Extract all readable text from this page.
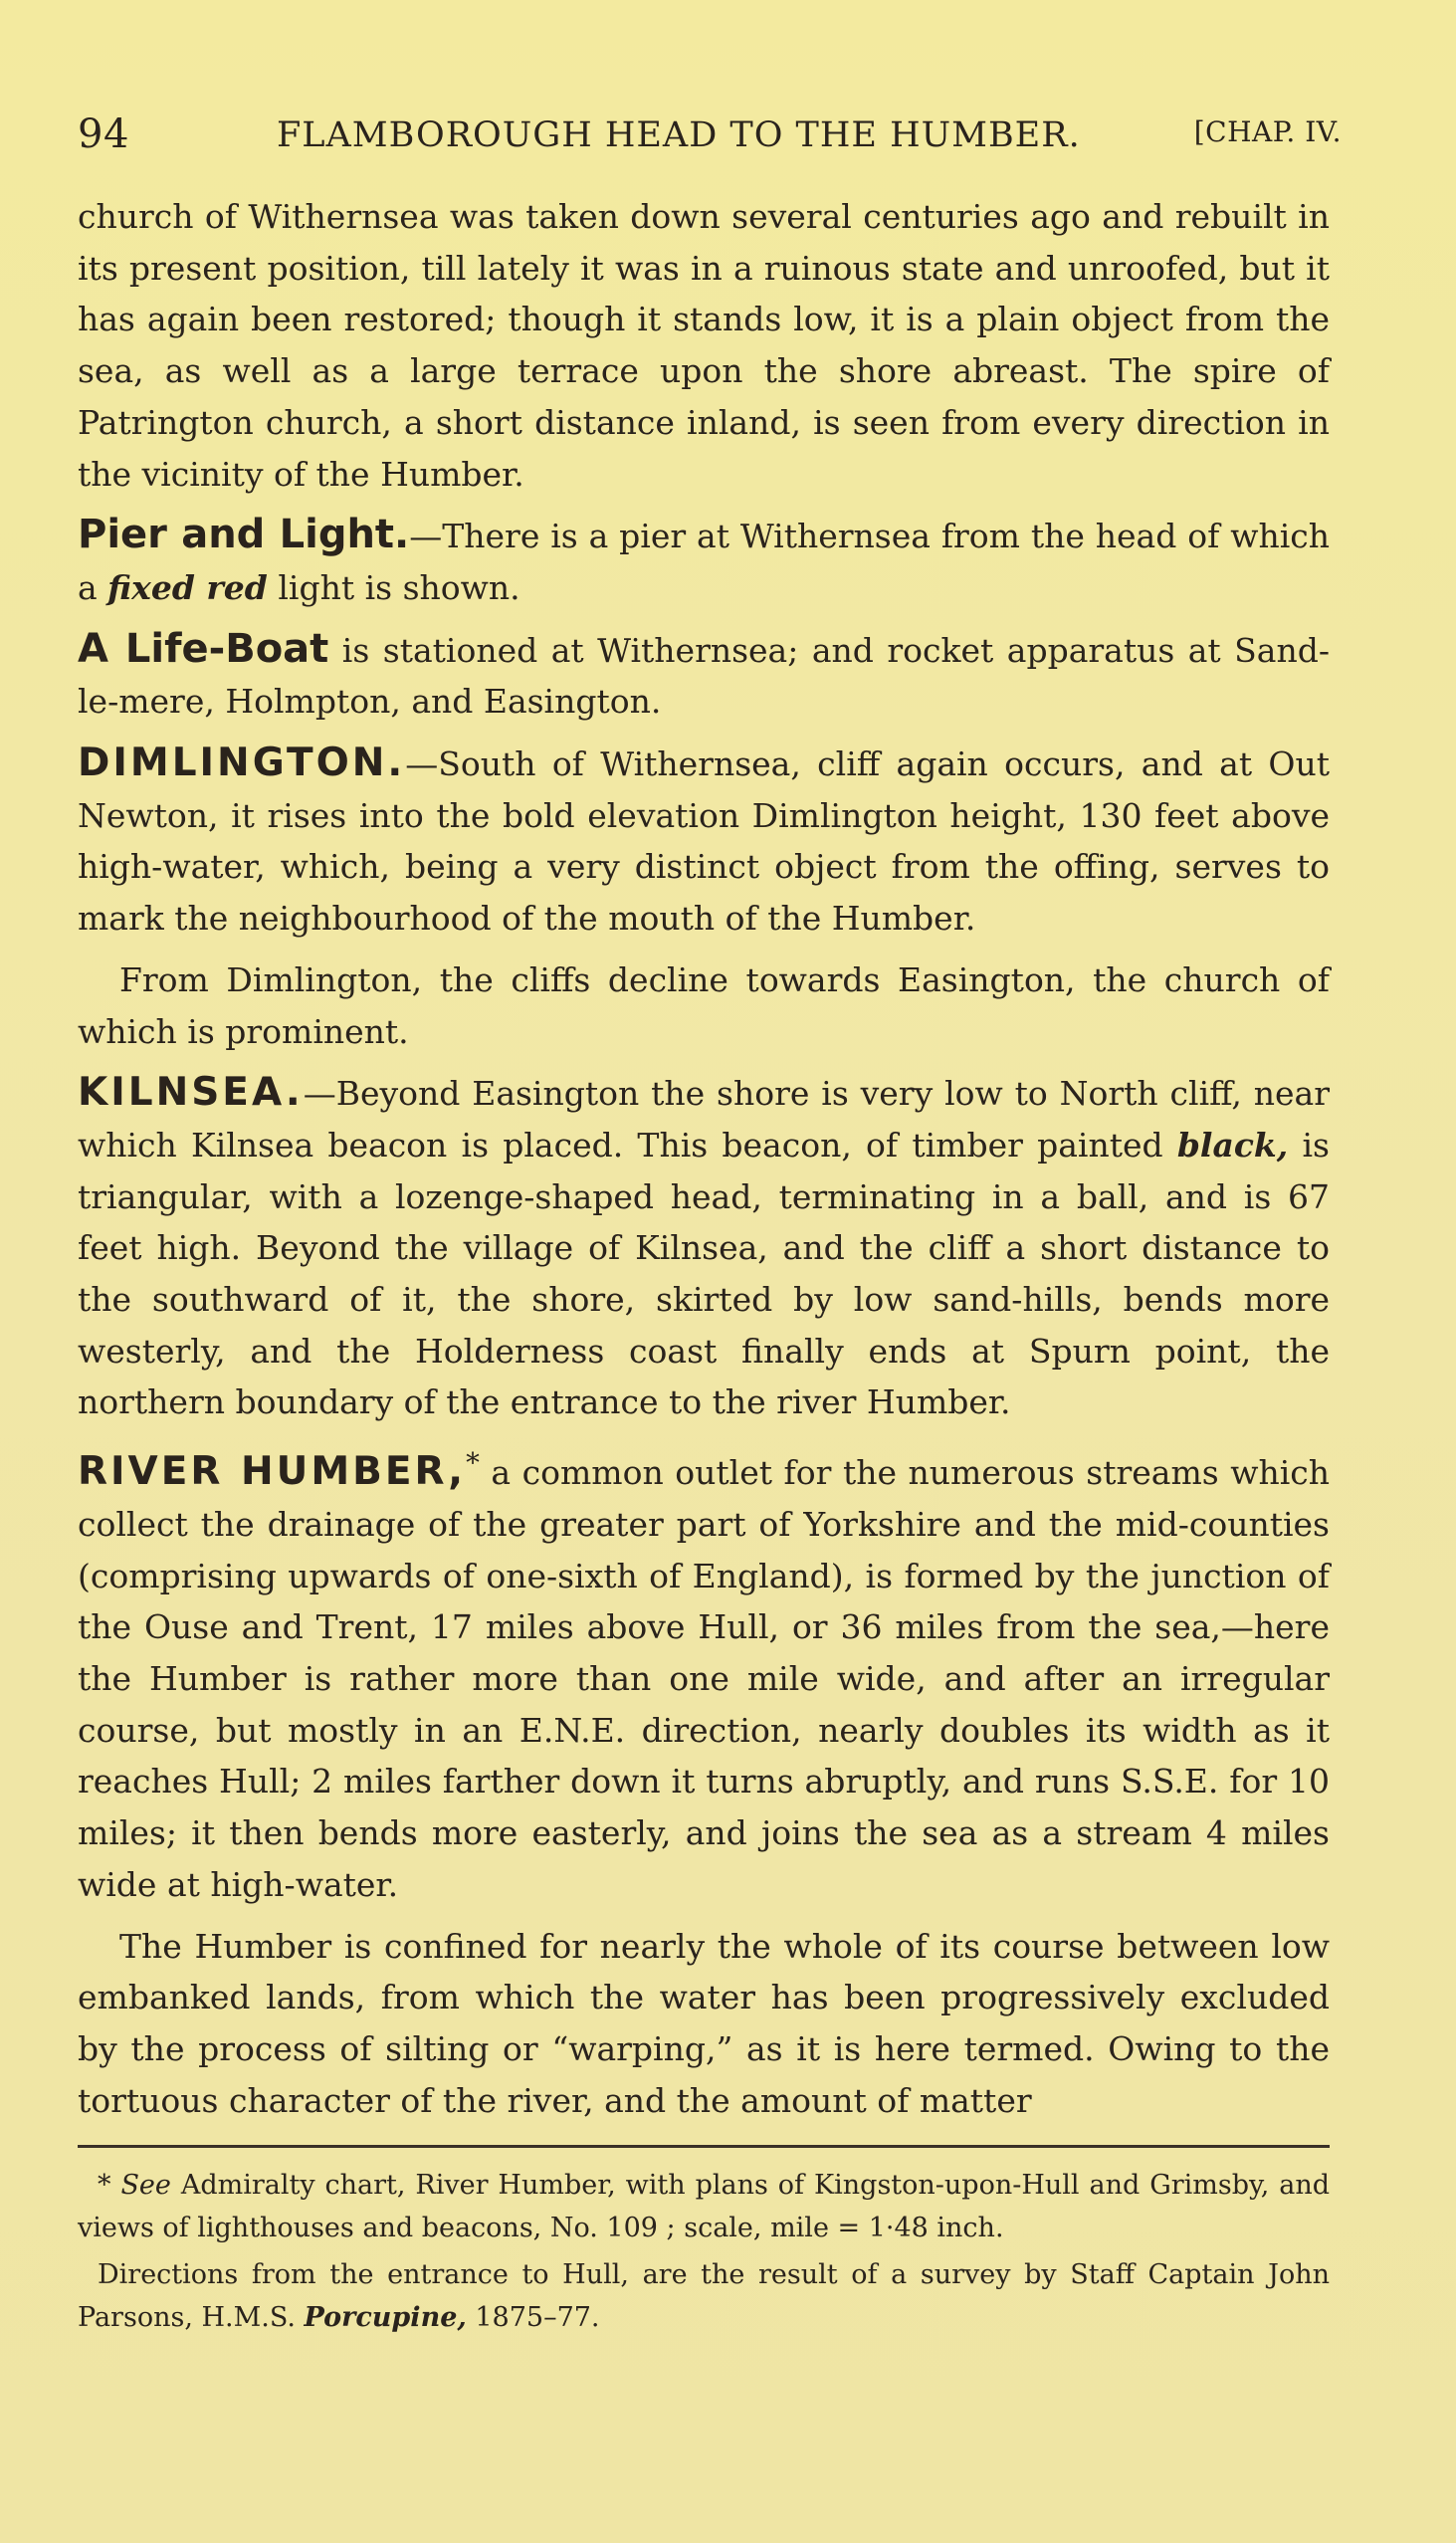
94	FLAMBOROUGH HEAD TO THE HUMBER.	[CHAP. IV.

church of Withernsea was taken down several centuries ago and rebuilt in its present position, till lately it was in a ruinous state and unroofed, but it has again been restored; though it stands low, it is a plain object from the sea, as well as a large terrace upon the shore abreast. The spire of Patrington church, a short distance inland, is seen from every direction in the vicinity of the Humber.

Pier and Light.—There is a pier at Withernsea from the head of which a fixed red light is shown.

A Life-Boat is stationed at Withernsea; and rocket apparatus at Sand-le-mere, Holmpton, and Easington.

DIMLINGTON.—South of Withernsea, cliff again occurs, and at Out Newton, it rises into the bold elevation Dimlington height, 130 feet above high-water, which, being a very distinct object from the offing, serves to mark the neighbourhood of the mouth of the Humber.

From Dimlington, the cliffs decline towards Easington, the church of which is prominent.

KILNSEA.—Beyond Easington the shore is very low to North cliff, near which Kilnsea beacon is placed. This beacon, of timber painted black, is triangular, with a lozenge-shaped head, terminating in a ball, and is 67 feet high. Beyond the village of Kilnsea, and the cliff a short distance to the southward of it, the shore, skirted by low sand-hills, bends more westerly, and the Holderness coast finally ends at Spurn point, the northern boundary of the entrance to the river Humber.

RIVER HUMBER,* a common outlet for the numerous streams which collect the drainage of the greater part of Yorkshire and the mid-counties (comprising upwards of one-sixth of England), is formed by the junction of the Ouse and Trent, 17 miles above Hull, or 36 miles from the sea,—here the Humber is rather more than one mile wide, and after an irregular course, but mostly in an E.N.E. direction, nearly doubles its width as it reaches Hull; 2 miles farther down it turns abruptly, and runs S.S.E. for 10 miles; it then bends more easterly, and joins the sea as a stream 4 miles wide at high-water.

The Humber is confined for nearly the whole of its course between low embanked lands, from which the water has been progressively excluded by the process of silting or “warping,” as it is here termed. Owing to the tortuous character of the river, and the amount of matter

* See Admiralty chart, River Humber, with plans of Kingston-upon-Hull and Grimsby, and views of lighthouses and beacons, No. 109 ; scale, mile = 1·48 inch.

Directions from the entrance to Hull, are the result of a survey by Staff Captain John Parsons, H.M.S. Porcupine, 1875–77.
